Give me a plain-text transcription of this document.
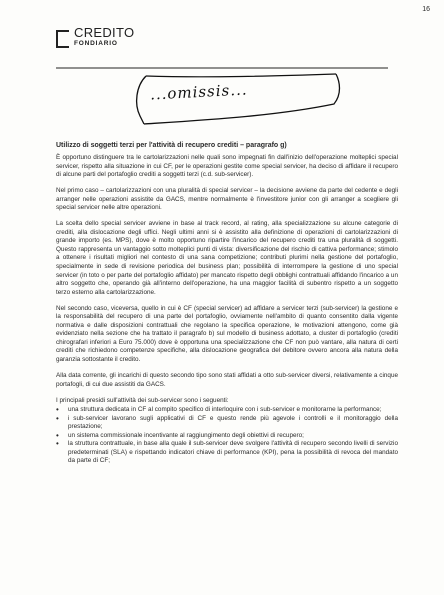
16
CREDITO
FONDIARIO
...omissis...
Utilizzo di soggetti terzi per l'attività di recupero crediti – paragrafo g)

È opportuno distinguere tra le cartolarizzazioni nelle quali sono impegnati fin dall'inizio dell'operazione molteplici special servicer, rispetto alla situazione in cui CF, per le operazioni gestite come special servicer, ha deciso di affidare il recupero di alcune parti del portafoglio crediti a soggetti terzi (c.d. sub-servicer).

Nel primo caso – cartolarizzazioni con una pluralità di special servicer – la decisione avviene da parte del cedente e degli arranger nelle operazioni assistite da GACS, mentre normalmente è l'investitore junior con gli arranger a scegliere gli special servicer nelle altre operazioni.

La scelta dello special servicer avviene in base al track record, al rating, alla specializzazione su alcune categorie di crediti, alla dislocazione degli uffici. Negli ultimi anni si è assistito alla definizione di operazioni di cartolarizzazioni di grande importo (es. MPS), dove è molto opportuno ripartire l'incarico del recupero crediti tra una pluralità di soggetti. Questo rappresenta un vantaggio sotto molteplici punti di vista: diversificazione del rischio di cattiva performance; stimolo a ottenere i risultati migliori nel contesto di una sana competizione; contributi plurimi nella gestione del portafoglio, specialmente in sede di revisione periodica del business plan; possibilità di interrompere la gestione di uno special servicer (in toto o per parte del portafoglio affidato) per mancato rispetto degli obblighi contrattuali affidando l'incarico a un altro soggetto che, operando già all'interno dell'operazione, ha una maggior facilità di subentro rispetto a un soggetto terzo esterno alla cartolarizzazione.

Nel secondo caso, viceversa, quello in cui è CF (special servicer) ad affidare a servicer terzi (sub-servicer) la gestione e la responsabilità del recupero di una parte del portafoglio, ovviamente nell'ambito di quanto consentito dalla vigente normativa e dalle disposizioni contrattuali che regolano la specifica operazione, le motivazioni attengono, come già evidenziato nella sezione che ha trattato il paragrafo b) sul modello di business adottato, a cluster di portafoglio (crediti chirografari inferiori a Euro 75.000) dove è opportuna una specializzazione che CF non può vantare, alla natura di certi crediti che richiedono competenze specifiche, alla dislocazione geografica del debitore ovvero ancora alla natura della garanzia sottostante il credito.

Alla data corrente, gli incarichi di questo secondo tipo sono stati affidati a otto sub-servicer diversi, relativamente a cinque portafogli, di cui due assistiti da GACS.

I principali presidi sull'attività dei sub-servicer sono i seguenti:

• una struttura dedicata in CF al compito specifico di interloquire con i sub-servicer e monitorarne la performance;
• i sub-servicer lavorano sugli applicativi di CF e questo rende più agevole i controlli e il monitoraggio della prestazione;
• un sistema commissionale incentivante al raggiungimento degli obiettivi di recupero;
• la struttura contrattuale, in base alla quale il sub-servicer deve svolgere l'attività di recupero secondo livelli di servizio predeterminati (SLA) e rispettando indicatori chiave di performance (KPI), pena la possibilità di revoca del mandato da parte di CF;
